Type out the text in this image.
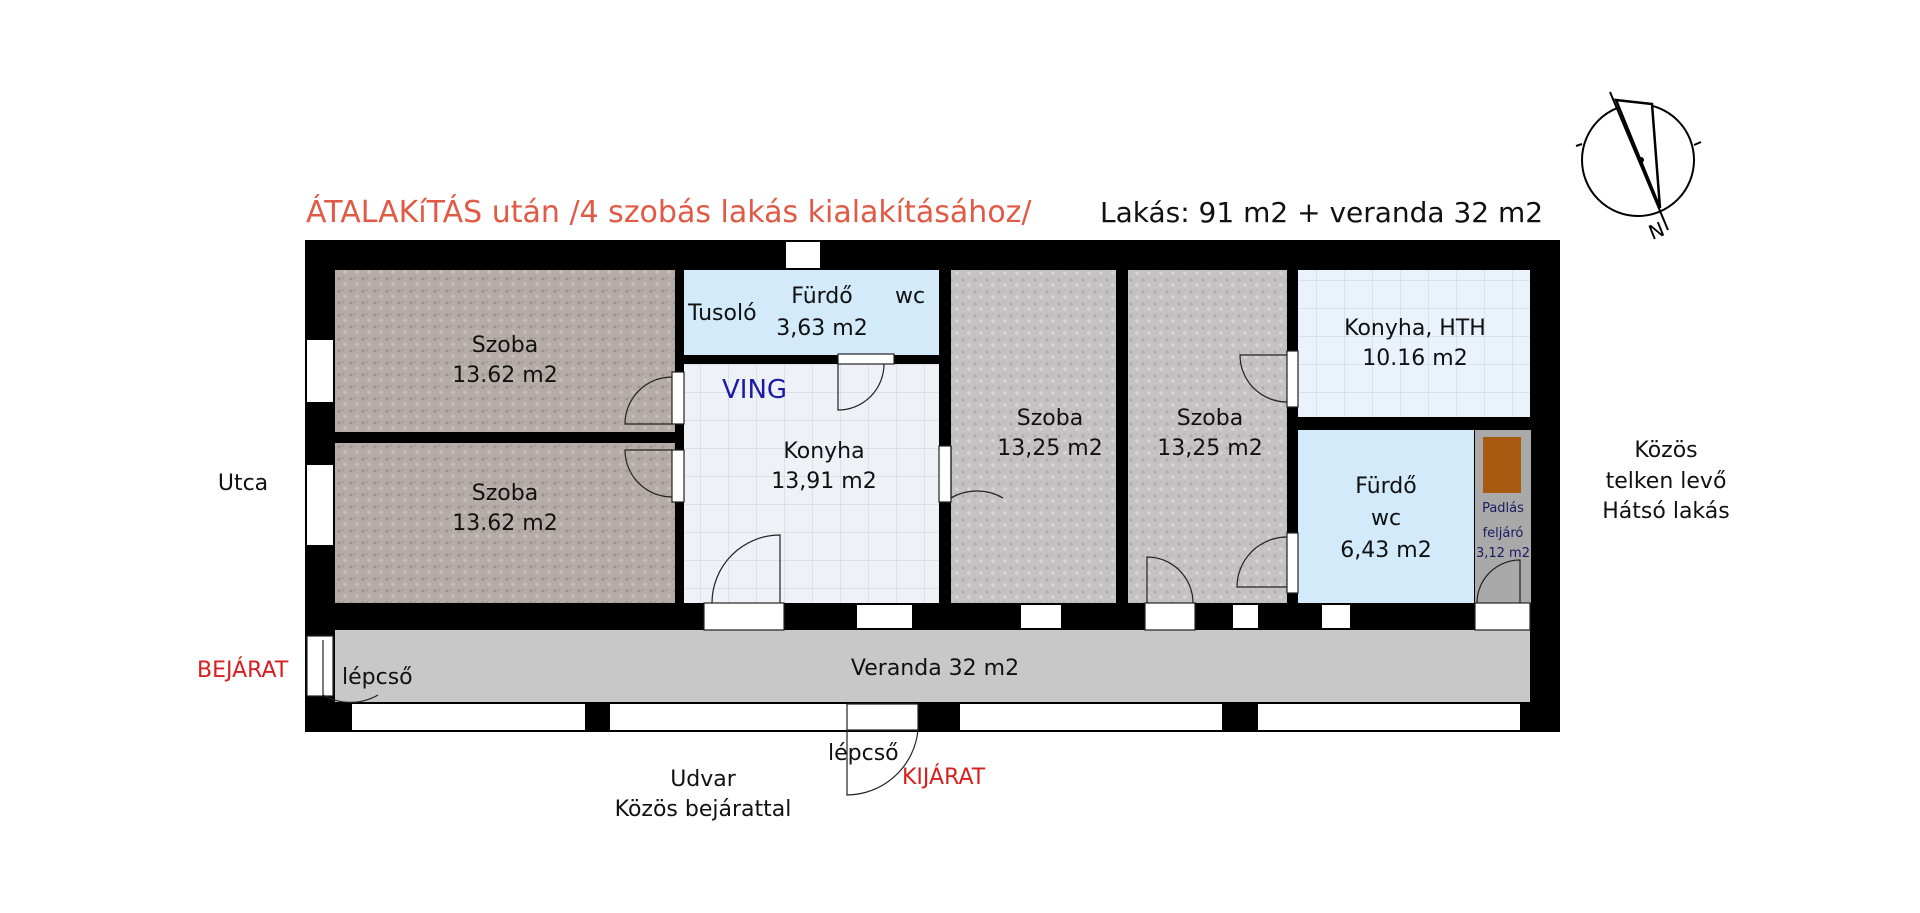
ÁTALAKíTÁS után /4 szobás lakás kialakításához/ Lakás: 91 m2 + veranda 32 m2
Szoba
13.62 m2
Szoba
13.62 m2
Tusoló
Fürdő
3,63 m2
wc
VING
Konyha
13,91 m2
Szoba
13,25 m2
Szoba
13,25 m2
Konyha, HTH
10.16 m2
Fürdő
wc
6,43 m2
Padlás
feljáró
3,12 m2
Veranda 32 m2
Utca
BEJÁRAT lépcső
lépcső
KIJÁRAT
Udvar
Közös bejárattal
Közös
telken levő
Hátsó lakás
N
